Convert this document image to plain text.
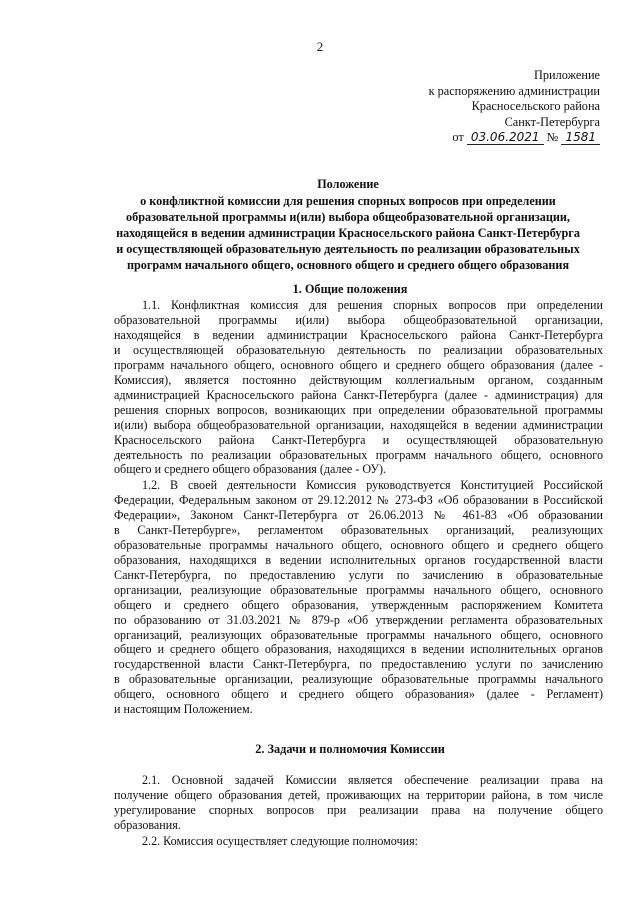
2
Приложение
к распоряжению администрации
Красносельского района
Санкт-Петербурга
от 03.06.2021 № 1581
Положение
о конфликтной комиссии для решения спорных вопросов при определении
образовательной программы и(или) выбора общеобразовательной организации,
находящейся в ведении администрации Красносельского района Санкт-Петербурга
и осуществляющей образовательную деятельность по реализации образовательных
программ начального общего, основного общего и среднего общего образования
1. Общие положения
1.1. Конфликтная комиссия для решения спорных вопросов при определении
образовательной программы и(или) выбора общеобразовательной организации,
находящейся в ведении администрации Красносельского района Санкт-Петербурга
и осуществляющей образовательную деятельность по реализации образовательных
программ начального общего, основного общего и среднего общего образования (далее -
Комиссия), является постоянно действующим коллегиальным органом, созданным
администрацией Красносельского района Санкт-Петербурга (далее - администрация) для
решения спорных вопросов, возникающих при определении образовательной программы
и(или) выбора общеобразовательной организации, находящейся в ведении администрации
Красносельского района Санкт-Петербурга и осуществляющей образовательную
деятельность по реализации образовательных программ начального общего, основного
общего и среднего общего образования (далее - ОУ).
1.2. В своей деятельности Комиссия руководствуется Конституцией Российской
Федерации, Федеральным законом от 29.12.2012 № 273-ФЗ «Об образовании в Российской
Федерации», Законом Санкт-Петербурга от 26.06.2013 № 461-83 «Об образовании
в Санкт-Петербурге», регламентом образовательных организаций, реализующих
образовательные программы начального общего, основного общего и среднего общего
образования, находящихся в ведении исполнительных органов государственной власти
Санкт-Петербурга, по предоставлению услуги по зачислению в образовательные
организации, реализующие образовательные программы начального общего, основного
общего и среднего общего образования, утвержденным распоряжением Комитета
по образованию от 31.03.2021 № 879-р «Об утверждении регламента образовательных
организаций, реализующих образовательные программы начального общего, основного
общего и среднего общего образования, находящихся в ведении исполнительных органов
государственной власти Санкт-Петербурга, по предоставлению услуги по зачислению
в образовательные организации, реализующие образовательные программы начального
общего, основного общего и среднего общего образования» (далее - Регламент)
и настоящим Положением.
2. Задачи и полномочия Комиссии
2.1. Основной задачей Комиссии является обеспечение реализации права на
получение общего образования детей, проживающих на территории района, в том числе
урегулирование спорных вопросов при реализации права на получение общего
образования.
2.2. Комиссия осуществляет следующие полномочия:
